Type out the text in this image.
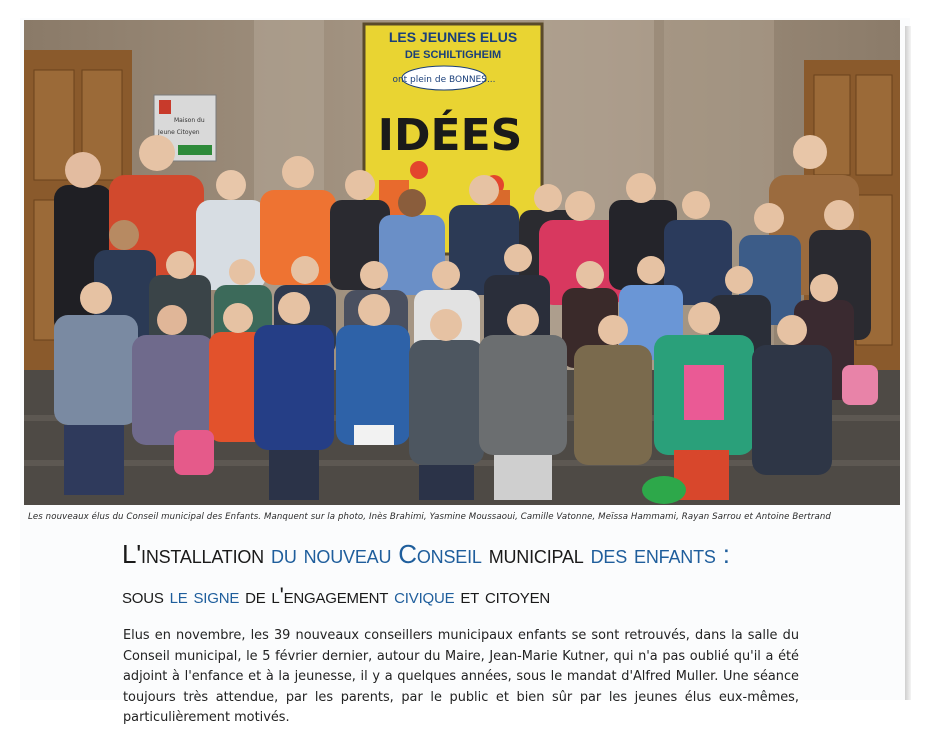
LES JEUNES ELUS
DE SCHILTIGHEIM
ont plein de BONNES...
IDÉES
Maison du
Jeune Citoyen
Les nouveaux élus du Conseil municipal des Enfants. Manquent sur la photo, Inès Brahimi, Yasmine Moussaoui, Camille Vatonne, Meïssa Hammami, Rayan Sarrou et Antoine Bertrand
L'installation du nouveau Conseil municipal des enfants :
sous le signe de l'engagement civique et citoyen

Elus en novembre, les 39 nouveaux conseillers municipaux enfants se sont retrouvés, dans la salle du Conseil municipal, le 5 février dernier, autour du Maire, Jean-Marie Kutner, qui n'a pas oublié qu'il a été adjoint à l'enfance et à la jeunesse, il y a quelques années, sous le mandat d'Alfred Muller. Une séance toujours très attendue, par les parents, par le public et bien sûr par les jeunes élus eux-mêmes, particulièrement motivés.
